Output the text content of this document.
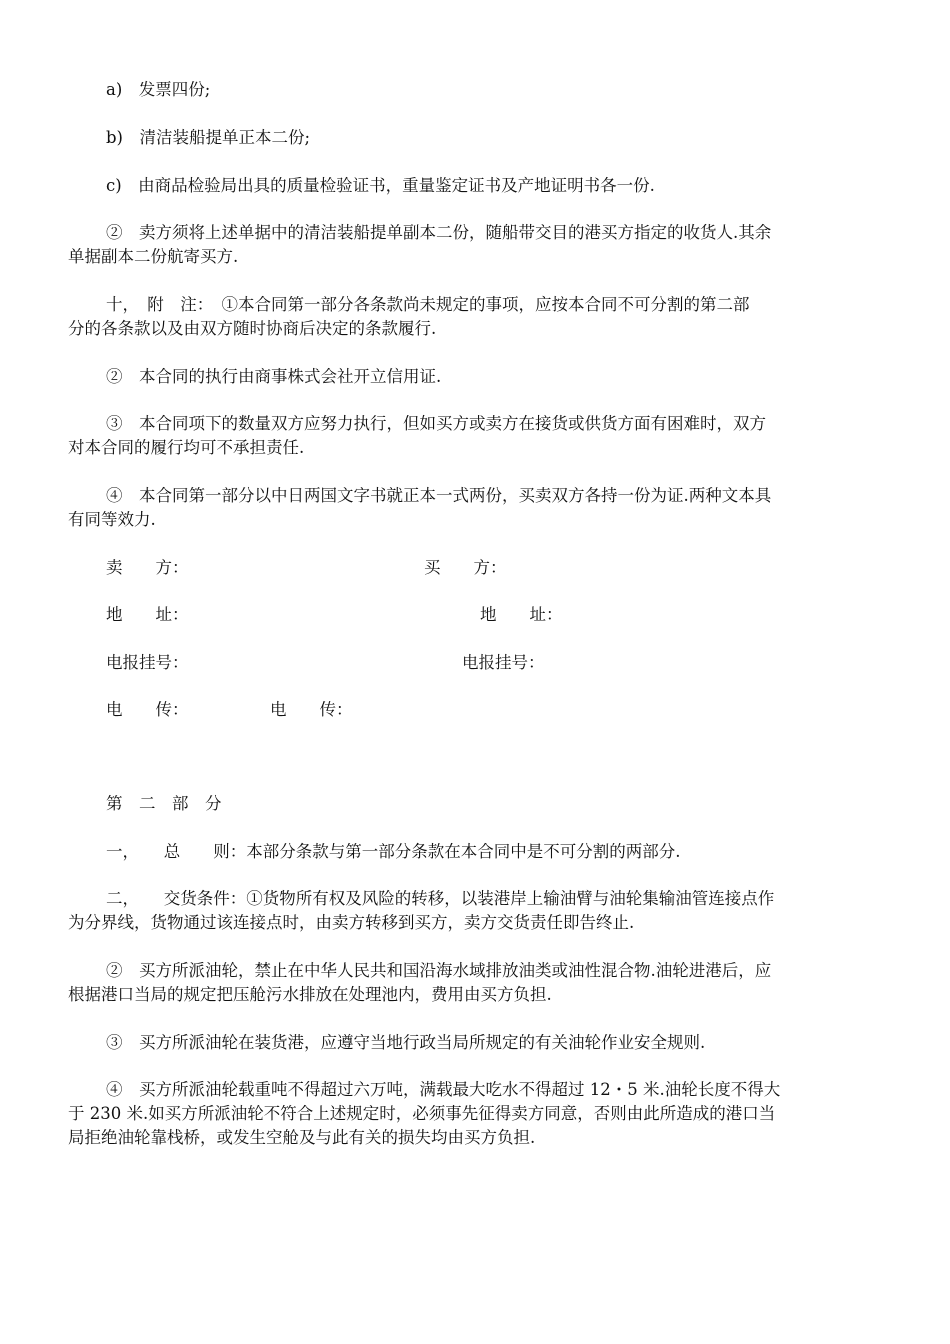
a)　发票四份;

b)　清洁装船提单正本二份;

c)　由商品检验局出具的质量检验证书，重量鉴定证书及产地证明书各一份.

②　卖方须将上述单据中的清洁装船提单副本二份，随船带交目的港买方指定的收货人.其余

单据副本二份航寄买方.

十，　附　注：　①本合同第一部分各条款尚未规定的事项，应按本合同不可分割的第二部

分的各条款以及由双方随时协商后决定的条款履行.

②　本合同的执行由商事株式会社开立信用证.

③　本合同项下的数量双方应努力执行，但如买方或卖方在接货或供货方面有困难时，双方

对本合同的履行均可不承担责任.

④　本合同第一部分以中日两国文字书就正本一式两份，买卖双方各持一份为证.两种文本具

有同等效力.

卖　　方：	买　　方：
地　　址：	地　　址：
电报挂号：	电报挂号：
电　　传：	电　　传：

第　二　部　分

一，　　总　　则：本部分条款与第一部分条款在本合同中是不可分割的两部分.

二，　　交货条件：①货物所有权及风险的转移，以装港岸上输油臂与油轮集输油管连接点作

为分界线，货物通过该连接点时，由卖方转移到买方，卖方交货责任即告终止.

②　买方所派油轮，禁止在中华人民共和国沿海水域排放油类或油性混合物.油轮进港后，应

根据港口当局的规定把压舱污水排放在处理池内，费用由买方负担.

③　买方所派油轮在装货港，应遵守当地行政当局所规定的有关油轮作业安全规则.

④　买方所派油轮载重吨不得超过六万吨，满载最大吃水不得超过 12・5 米.油轮长度不得大

于 230 米.如买方所派油轮不符合上述规定时，必须事先征得卖方同意，否则由此所造成的港口当

局拒绝油轮靠栈桥，或发生空舱及与此有关的损失均由买方负担.
